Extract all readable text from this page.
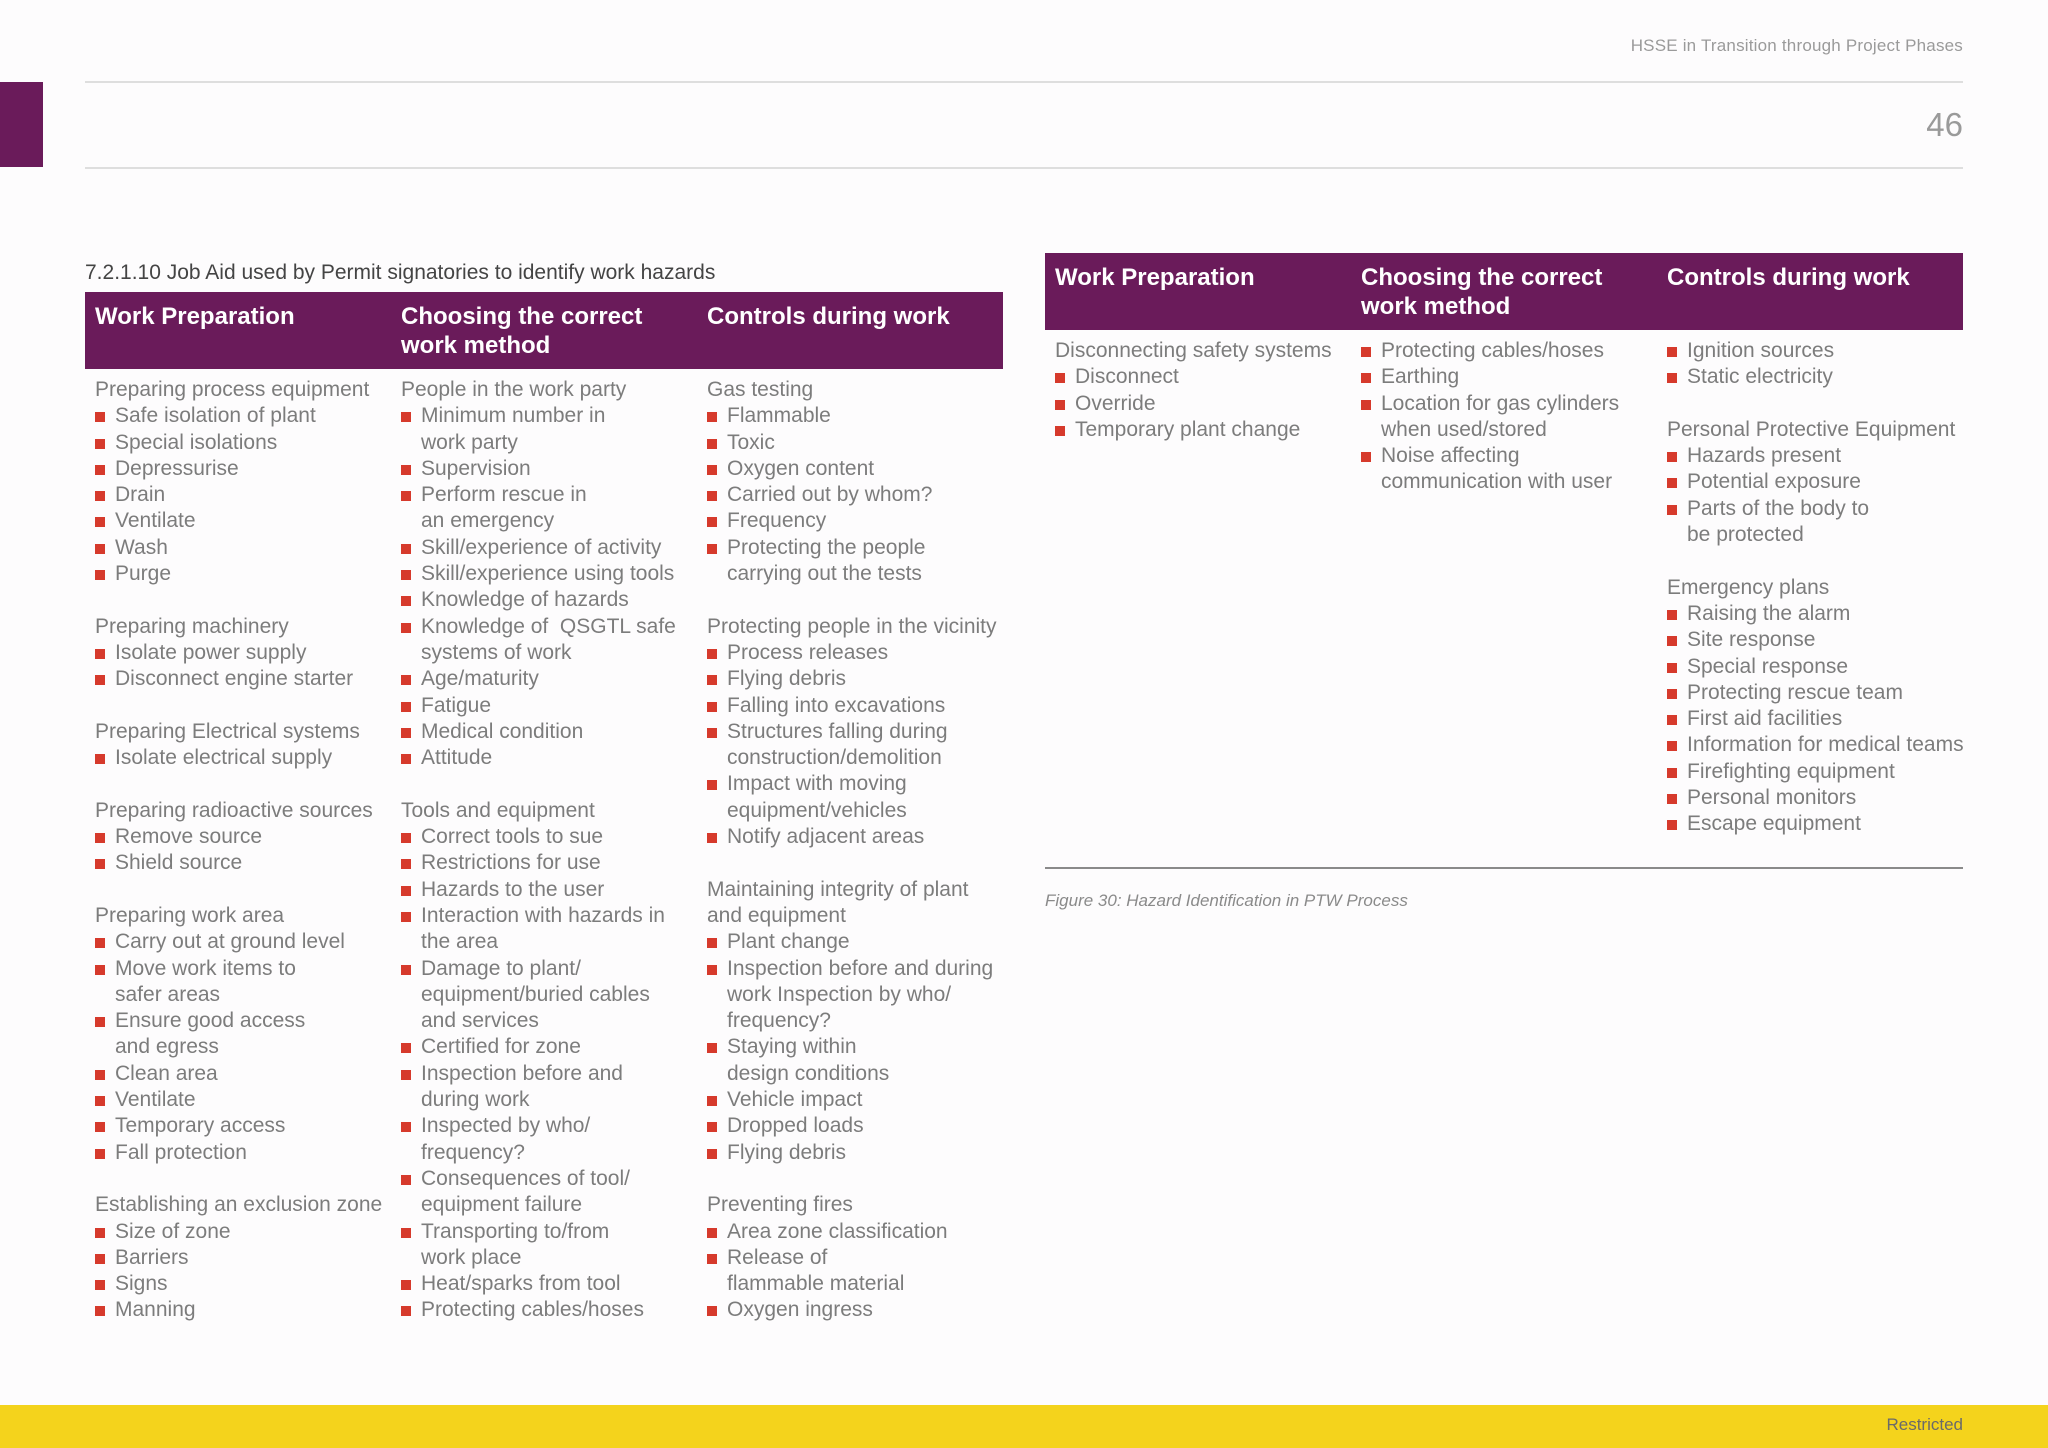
HSSE in Transition through Project Phases
46
7.2.1.10 Job Aid used by Permit signatories to identify work hazards
Work Preparation	Choosing the correct
work method
Controls during work
Preparing process equipment
Safe isolation of plant
Special isolations
Depressurise
Drain
Ventilate
Wash
Purge
Preparing machinery
Isolate power supply
Disconnect engine starter
Preparing Electrical systems
Isolate electrical supply
Preparing radioactive sources
Remove source
Shield source
Preparing work area
Carry out at ground level
Move work items to
safer areas
Ensure good access
and egress
Clean area
Ventilate
Temporary access
Fall protection
Establishing an exclusion zone
Size of zone
Barriers
Signs
Manning
People in the work party
Minimum number in
work party
Supervision
Perform rescue in
an emergency
Skill/experience of activity
Skill/experience using tools
Knowledge of hazards
Knowledge of  QSGTL safe
systems of work
Age/maturity
Fatigue
Medical condition
Attitude
Tools and equipment
Correct tools to sue
Restrictions for use
Hazards to the user
Interaction with hazards in
the area
Damage to plant/
equipment/buried cables
and services
Certified for zone
Inspection before and
during work
Inspected by who/
frequency?
Consequences of tool/
equipment failure
Transporting to/from
work place
Heat/sparks from tool
Protecting cables/hoses
Gas testing
Flammable
Toxic
Oxygen content
Carried out by whom?
Frequency
Protecting the people
carrying out the tests
Protecting people in the vicinity
Process releases
Flying debris
Falling into excavations
Structures falling during
construction/demolition
Impact with moving
equipment/vehicles
Notify adjacent areas
Maintaining integrity of plant
and equipment
Plant change
Inspection before and during
work Inspection by who/
frequency?
Staying within
design conditions
Vehicle impact
Dropped loads
Flying debris
Preventing fires
Area zone classification
Release of
flammable material
Oxygen ingress
Work Preparation	Choosing the correct
work method
Controls during work
Disconnecting safety systems
Disconnect
Override
Temporary plant change
Protecting cables/hoses
Earthing
Location for gas cylinders
when used/stored
Noise affecting
communication with user
Ignition sources
Static electricity
Personal Protective Equipment
Hazards present
Potential exposure
Parts of the body to
be protected
Emergency plans
Raising the alarm
Site response
Special response
Protecting rescue team
First aid facilities
Information for medical teams
Firefighting equipment
Personal monitors
Escape equipment
Figure 30: Hazard Identification in PTW Process
Restricted
